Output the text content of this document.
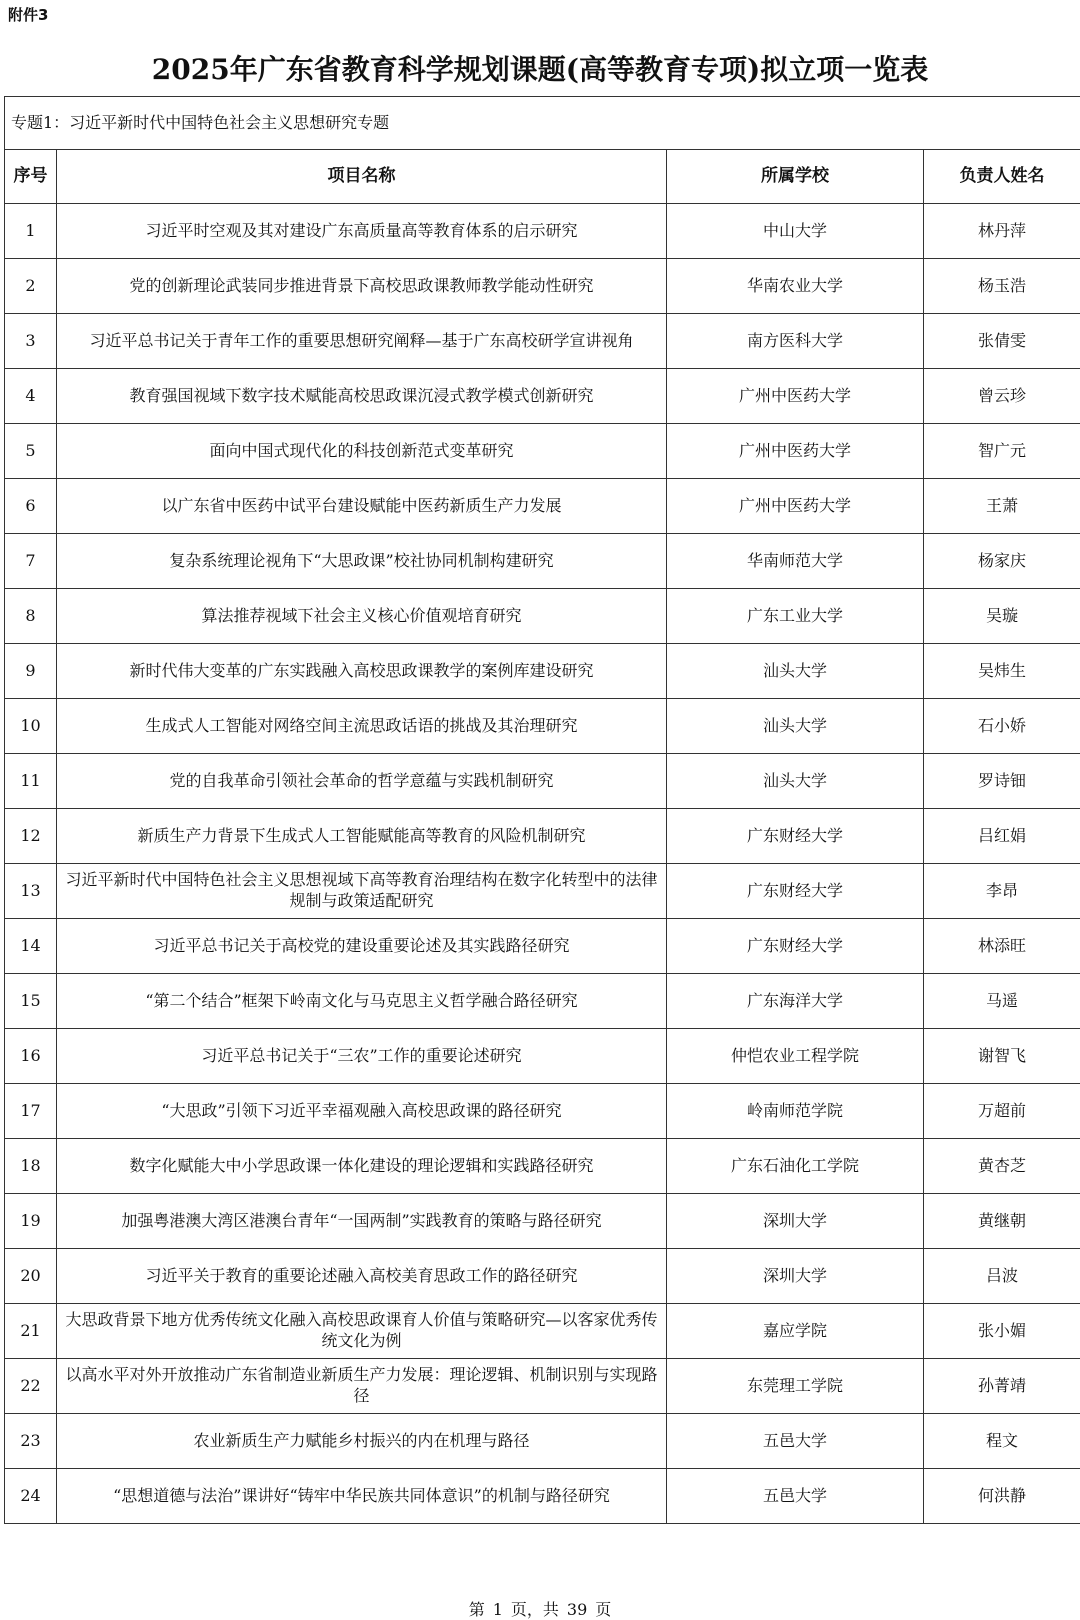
附件3
2025年广东省教育科学规划课题(高等教育专项)拟立项一览表
专题1：习近平新时代中国特色社会主义思想研究专题			
序号	项目名称	所属学校	负责人姓名
1	习近平时空观及其对建设广东高质量高等教育体系的启示研究	中山大学	林丹萍
2	党的创新理论武装同步推进背景下高校思政课教师教学能动性研究	华南农业大学	杨玉浩
3	习近平总书记关于青年工作的重要思想研究阐释—基于广东高校研学宣讲视角	南方医科大学	张倩雯
4	教育强国视域下数字技术赋能高校思政课沉浸式教学模式创新研究	广州中医药大学	曾云珍
5	面向中国式现代化的科技创新范式变革研究	广州中医药大学	智广元
6	以广东省中医药中试平台建设赋能中医药新质生产力发展	广州中医药大学	王萧
7	复杂系统理论视角下“大思政课”校社协同机制构建研究	华南师范大学	杨家庆
8	算法推荐视域下社会主义核心价值观培育研究	广东工业大学	吴璇
9	新时代伟大变革的广东实践融入高校思政课教学的案例库建设研究	汕头大学	吴炜生
10	生成式人工智能对网络空间主流思政话语的挑战及其治理研究	汕头大学	石小娇
11	党的自我革命引领社会革命的哲学意蕴与实践机制研究	汕头大学	罗诗钿
12	新质生产力背景下生成式人工智能赋能高等教育的风险机制研究	广东财经大学	吕红娟
13	习近平新时代中国特色社会主义思想视域下高等教育治理结构在数字化转型中的法律规制与政策适配研究	广东财经大学	李昂
14	习近平总书记关于高校党的建设重要论述及其实践路径研究	广东财经大学	林添旺
15	“第二个结合”框架下岭南文化与马克思主义哲学融合路径研究	广东海洋大学	马遥
16	习近平总书记关于“三农”工作的重要论述研究	仲恺农业工程学院	谢智飞
17	“大思政”引领下习近平幸福观融入高校思政课的路径研究	岭南师范学院	万超前
18	数字化赋能大中小学思政课一体化建设的理论逻辑和实践路径研究	广东石油化工学院	黄杏芝
19	加强粤港澳大湾区港澳台青年“一国两制”实践教育的策略与路径研究	深圳大学	黄继朝
20	习近平关于教育的重要论述融入高校美育思政工作的路径研究	深圳大学	吕波
21	大思政背景下地方优秀传统文化融入高校思政课育人价值与策略研究—以客家优秀传统文化为例	嘉应学院	张小媚
22	以高水平对外开放推动广东省制造业新质生产力发展：理论逻辑、机制识别与实现路径	东莞理工学院	孙菁靖
23	农业新质生产力赋能乡村振兴的内在机理与路径	五邑大学	程文
24	“思想道德与法治”课讲好“铸牢中华民族共同体意识”的机制与路径研究	五邑大学	何洪静
第 1 页，共 39 页
